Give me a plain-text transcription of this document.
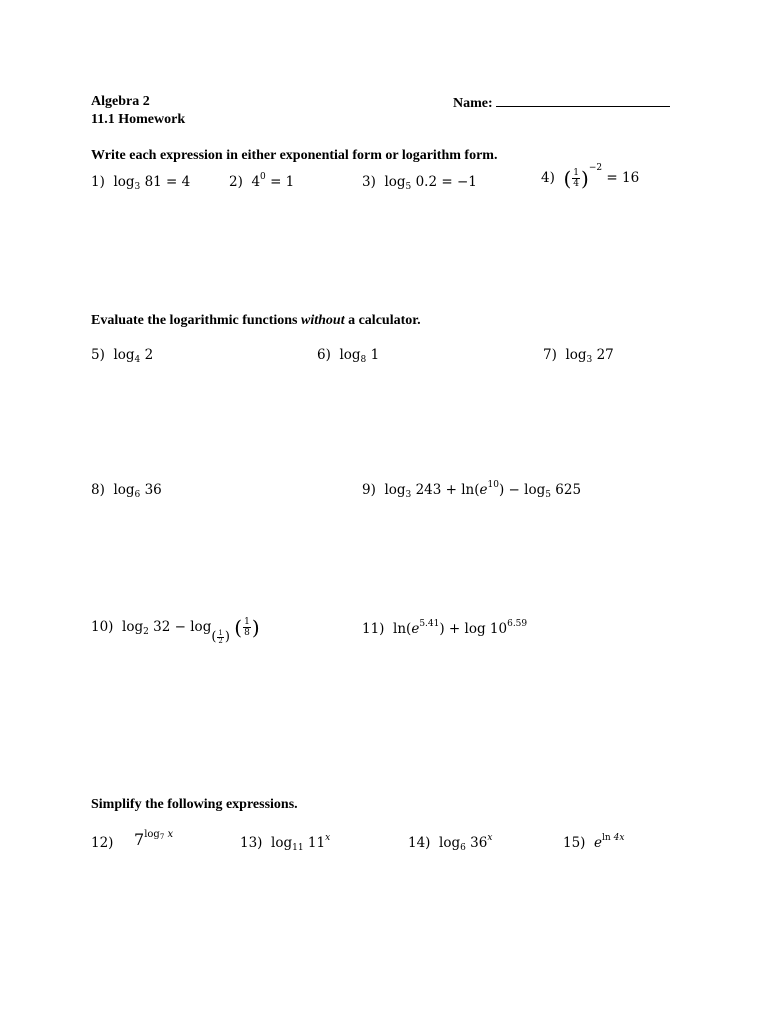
Algebra 2
11.1 Homework
Name:
Write each expression in either exponential form or logarithm form.
1)  $\log_3 81 = 4$	2) $4^0 = 1$	3)  $\log_5 0.2 = -1$	4) ( $\frac{1}{4} )^{-2} = 16$
Evaluate the logarithmic functions without a calculator.
5)  $\log_4 2$	6)  $\log_8 1$	7)  $\log_3 27$
8)  $\log_6 36$	9)  $\log_3 243 + \ln(e^{10}) - \log_5 625$
10)  $\log_2 32 - \log( \frac{1}{2}$ ) ( $\frac{1}{8}$ )	11)  $\ln(e^{5.41}) + \log 10^{6.59}$
Simplify the following expressions.
12) $7^{log_7 x}$
13)  $\log_{11} 11^x$	14)  $\log_6 36^x$	15) $e^{ln 4x}$
